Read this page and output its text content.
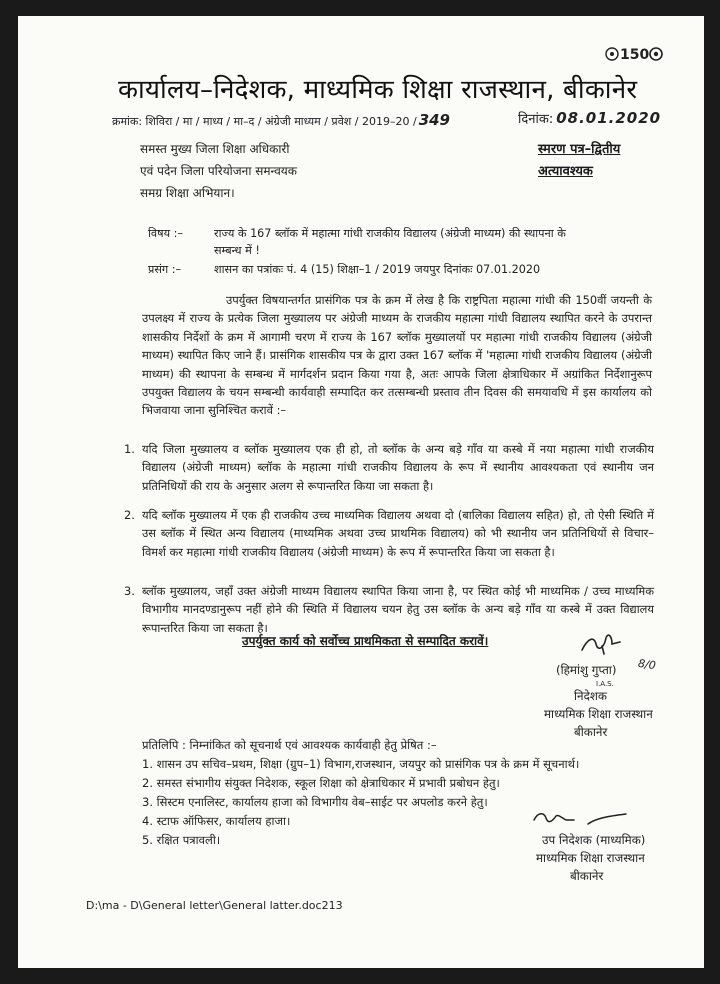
150
कार्यालय–निदेशक, माध्यमिक शिक्षा राजस्थान, बीकानेर
क्रमांक: शिविरा / मा / माध्य / मा–द / अंग्रेजी माध्यम / प्रवेश / 2019–20 / 349	दिनांक: 08.01.2020
समस्त मुख्य जिला शिक्षा अधिकारी
एवं पदेन जिला परियोजना समन्वयक
समग्र शिक्षा अभियान।
स्मरण पत्र–द्वितीय
अत्यावश्यक
विषय :–	राज्य के 167 ब्लॉक में महात्मा गांधी राजकीय विद्यालय (अंग्रेजी माध्यम) की स्थापना के
सम्बन्ध में !
प्रसंग :–	शासन का पत्रांकः पं. 4 (15) शिक्षा–1 / 2019 जयपुर दिनांकः 07.01.2020
उपर्युक्त विषयान्तर्गत प्रासंगिक पत्र के क्रम में लेख है कि राष्ट्रपिता महात्मा गांधी की 150वीं जयन्ती के उपलक्ष्य में राज्य के प्रत्येक जिला मुख्यालय पर अंग्रेजी माध्यम के राजकीय महात्मा गांधी विद्यालय स्थापित करने के उपरान्त शासकीय निर्देशों के क्रम में आगामी चरण में राज्य के 167 ब्लॉक मुख्यालयों पर महात्मा गांधी राजकीय विद्यालय (अंग्रेजी माध्यम) स्थापित किए जाने हैं। प्रासंगिक शासकीय पत्र के द्वारा उक्त 167 ब्लॉक में 'महात्मा गांधी राजकीय विद्यालय (अंग्रेजी माध्यम) की स्थापना के सम्बन्ध में मार्गदर्शन प्रदान किया गया है, अतः आपके जिला क्षेत्राधिकार में अग्रांकित निर्देशानुरूप उपयुक्त विद्यालय के चयन सम्बन्धी कार्यवाही सम्पादित कर तत्सम्बन्धी प्रस्ताव तीन दिवस की समयावधि में इस कार्यालय को भिजवाया जाना सुनिश्चित करावें :–
1. यदि जिला मुख्यालय व ब्लॉक मुख्यालय एक ही हो, तो ब्लॉक के अन्य बड़े गाँव या कस्बे में नया महात्मा गांधी राजकीय विद्यालय (अंग्रेजी माध्यम) ब्लॉक के महात्मा गांधी राजकीय विद्यालय के रूप में स्थानीय आवश्यकता एवं स्थानीय जन प्रतिनिधियों की राय के अनुसार अलग से रूपान्तरित किया जा सकता है।
2. यदि ब्लॉक मुख्यालय में एक ही राजकीय उच्च माध्यमिक विद्यालय अथवा दो (बालिका विद्यालय सहित) हो, तो ऐसी स्थिति में उस ब्लॉक में स्थित अन्य विद्यालय (माध्यमिक अथवा उच्च प्राथमिक विद्यालय) को भी स्थानीय जन प्रतिनिधियों से विचार–विमर्श कर महात्मा गांधी राजकीय विद्यालय (अंग्रेजी माध्यम) के रूप में रूपान्तरित किया जा सकता है।
3. ब्लॉक मुख्यालय, जहाँ उक्त अंग्रेजी माध्यम विद्यालय स्थापित किया जाना है, पर स्थित कोई भी माध्यमिक / उच्च माध्यमिक विभागीय मानदण्डानुरूप नहीं होने की स्थिति में विद्यालय चयन हेतु उस ब्लॉक के अन्य बड़े गाँव या कस्बे में उक्त विद्यालय रूपान्तरित किया जा सकता है।
उपर्युक्त कार्य को सर्वोच्च प्राथमिकता से सम्पादित करावें।
8/0
(हिमांशु गुप्ता)
I.A.S.
निदेशक
माध्यमिक शिक्षा राजस्थान
बीकानेर
प्रतिलिपि : निम्नांकित को सूचनार्थ एवं आवश्यक कार्यवाही हेतु प्रेषित :–
1. शासन उप सचिव–प्रथम, शिक्षा (ग्रुप–1) विभाग,राजस्थान, जयपुर को प्रासंगिक पत्र के क्रम में सूचनार्थ।
2. समस्त संभागीय संयुक्त निदेशक, स्कूल शिक्षा को क्षेत्राधिकार में प्रभावी प्रबोधन हेतु।
3. सिस्टम एनालिस्ट, कार्यालय हाजा को विभागीय वेब–साईट पर अपलोड करने हेतु।
4. स्टाफ ऑफिसर, कार्यालय हाजा।
5. रक्षित पत्रावली।	उप निदेशक (माध्यमिक)
माध्यमिक शिक्षा राजस्थान
बीकानेर
D:\ma - D\General letter\General latter.doc213
